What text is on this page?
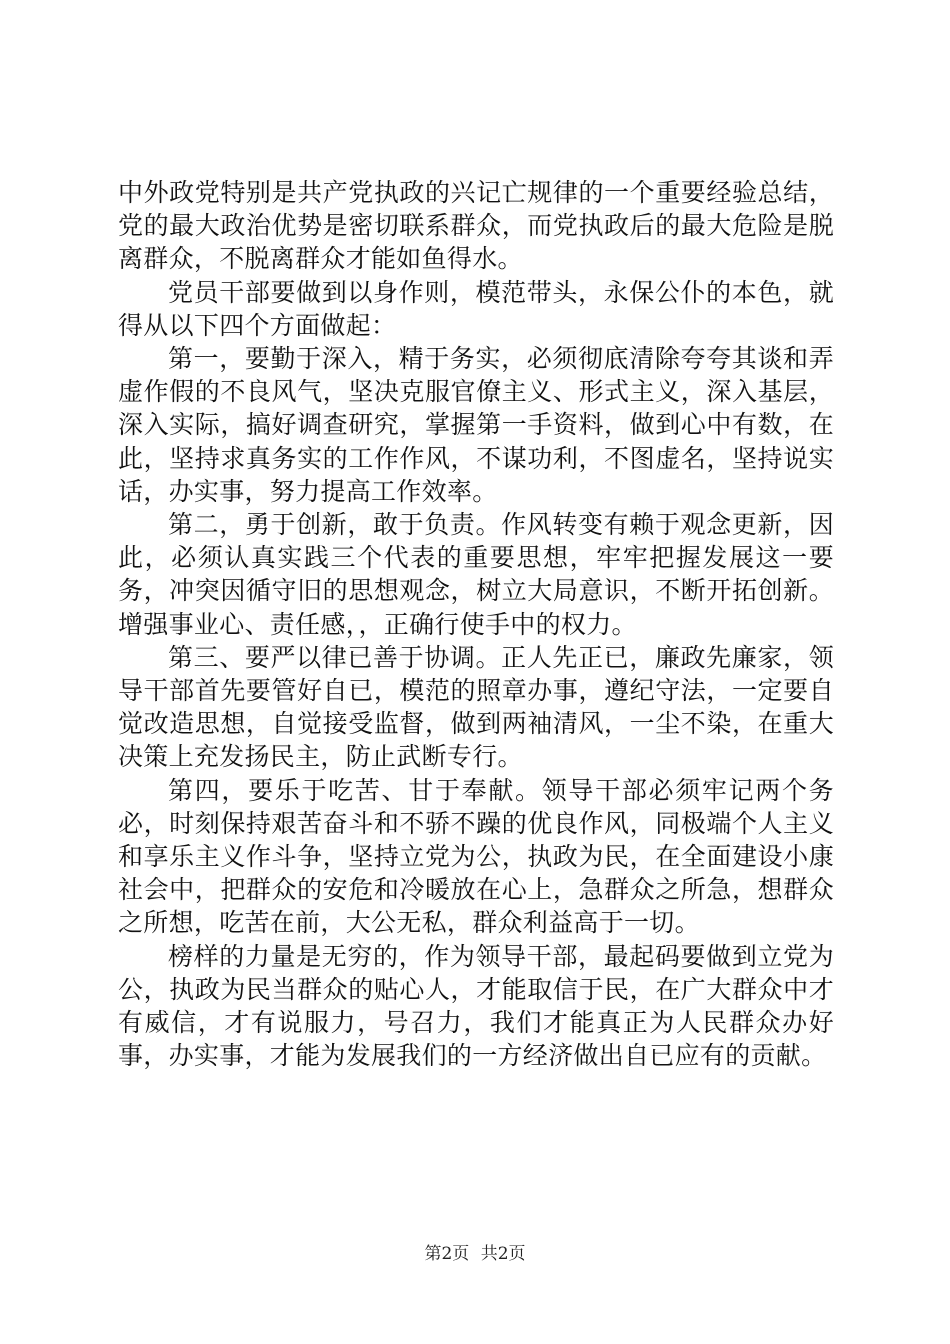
中外政党特别是共产党执政的兴记亡规律的一个重要经验总结，党的最大政治优势是密切联系群众，而党执政后的最大危险是脱离群众，不脱离群众才能如鱼得水。

党员干部要做到以身作则，模范带头，永保公仆的本色，就得从以下四个方面做起：

第一，要勤于深入，精于务实，必须彻底清除夸夸其谈和弄虚作假的不良风气，坚决克服官僚主义、形式主义，深入基层，深入实际，搞好调查研究，掌握第一手资料，做到心中有数，在此，坚持求真务实的工作作风，不谋功利，不图虚名，坚持说实话，办实事，努力提高工作效率。

第二，勇于创新，敢于负责。作风转变有赖于观念更新，因此，必须认真实践三个代表的重要思想，牢牢把握发展这一要务，冲突因循守旧的思想观念，树立大局意识，不断开拓创新。增强事业心、责任感，，正确行使手中的权力。

第三、要严以律已善于协调。正人先正已，廉政先廉家，领导干部首先要管好自已，模范的照章办事，遵纪守法，一定要自觉改造思想，自觉接受监督，做到两袖清风，一尘不染，在重大决策上充发扬民主，防止武断专行。

第四，要乐于吃苦、甘于奉献。领导干部必须牢记两个务必，时刻保持艰苦奋斗和不骄不躁的优良作风，同极端个人主义和享乐主义作斗争，坚持立党为公，执政为民，在全面建设小康社会中，把群众的安危和冷暖放在心上，急群众之所急，想群众之所想，吃苦在前，大公无私，群众利益高于一切。

榜样的力量是无穷的，作为领导干部，最起码要做到立党为公，执政为民当群众的贴心人，才能取信于民，在广大群众中才有威信，才有说服力，号召力，我们才能真正为人民群众办好事，办实事，才能为发展我们的一方经济做出自已应有的贡献。

第2页 共2页
